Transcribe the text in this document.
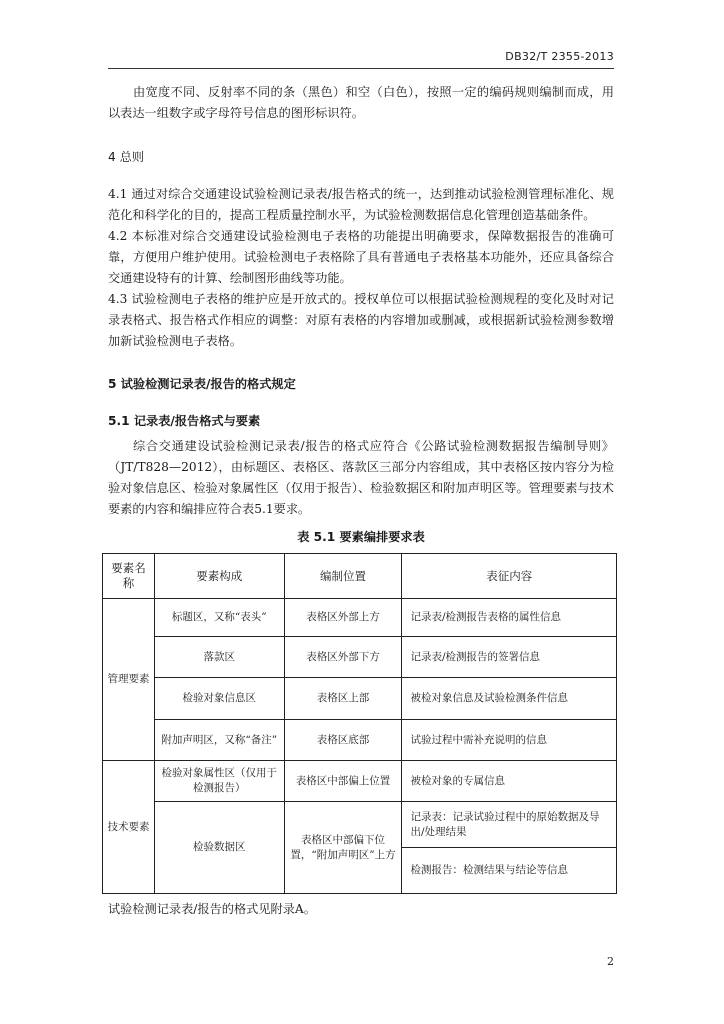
DB32/T 2355-2013

由宽度不同、反射率不同的条（黑色）和空（白色），按照一定的编码规则编制而成，用以表达一组数字或字母符号信息的图形标识符。

4 总则

4.1 通过对综合交通建设试验检测记录表/报告格式的统一，达到推动试验检测管理标准化、规范化和科学化的目的，提高工程质量控制水平，为试验检测数据信息化管理创造基础条件。

4.2 本标准对综合交通建设试验检测电子表格的功能提出明确要求，保障数据报告的准确可靠，方便用户维护使用。试验检测电子表格除了具有普通电子表格基本功能外，还应具备综合交通建设特有的计算、绘制图形曲线等功能。

4.3 试验检测电子表格的维护应是开放式的。授权单位可以根据试验检测规程的变化及时对记录表格式、报告格式作相应的调整：对原有表格的内容增加或删减，或根据新试验检测参数增加新试验检测电子表格。

5 试验检测记录表/报告的格式规定
5.1 记录表/报告格式与要素

综合交通建设试验检测记录表/报告的格式应符合《公路试验检测数据报告编制导则》（JT/T828—2012），由标题区、表格区、落款区三部分内容组成，其中表格区按内容分为检验对象信息区、检验对象属性区（仅用于报告）、检验数据区和附加声明区等。管理要素与技术要素的内容和编排应符合表5.1要求。

表 5.1 要素编排要求表
要素名称	要素构成	编制位置	表征内容
管理要素	标题区，又称“表头”	表格区外部上方	记录表/检测报告表格的属性信息
	落款区	表格区外部下方	记录表/检测报告的签署信息
	检验对象信息区	表格区上部	被检对象信息及试验检测条件信息
	附加声明区，又称“备注”	表格区底部	试验过程中需补充说明的信息
技术要素	检验对象属性区（仅用于检测报告）	表格区中部偏上位置	被检对象的专属信息
	检验数据区	表格区中部偏下位置，“附加声明区”上方	记录表：记录试验过程中的原始数据及导出/处理结果
			检测报告：检测结果与结论等信息

试验检测记录表/报告的格式见附录A。

2
